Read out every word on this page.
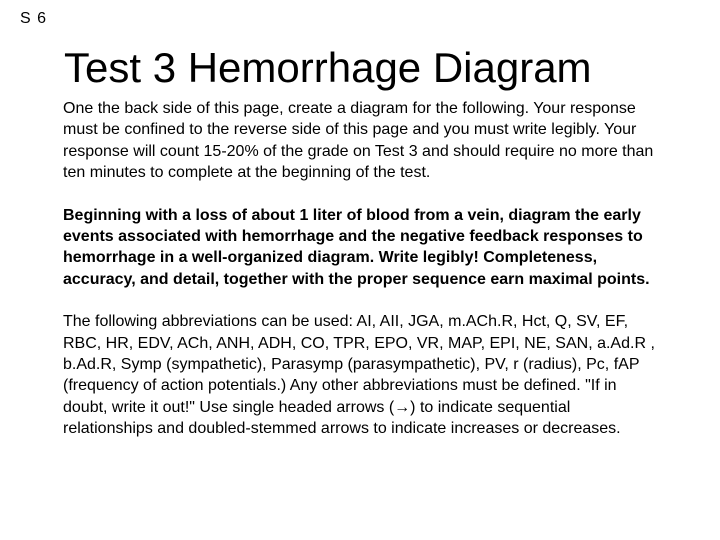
S 6
Test 3 Hemorrhage Diagram

One the back side of this page, create a diagram for the following. Your response must be confined to the reverse side of this page and you must write legibly. Your response will count 15-20% of the grade on Test 3 and should require no more than ten minutes to complete at the beginning of the test.

Beginning with a loss of about 1 liter of blood from a vein, diagram the early events associated with hemorrhage and the negative feedback responses to hemorrhage in a well-organized diagram. Write legibly! Completeness, accuracy, and detail, together with the proper sequence earn maximal points.

The following abbreviations can be used: AI, AII, JGA, m.ACh.R, Hct, Q, SV, EF, RBC, HR, EDV, ACh, ANH, ADH, CO, TPR, EPO, VR, MAP, EPI, NE, SAN, a.Ad.R , b.Ad.R, Symp (sympathetic), Parasymp (parasympathetic), PV, r (radius), Pc, fAP (frequency of action potentials.) Any other abbreviations must be defined. "If in doubt, write it out!" Use single headed arrows (→) to indicate sequential relationships and doubled-stemmed arrows to indicate increases or decreases.
